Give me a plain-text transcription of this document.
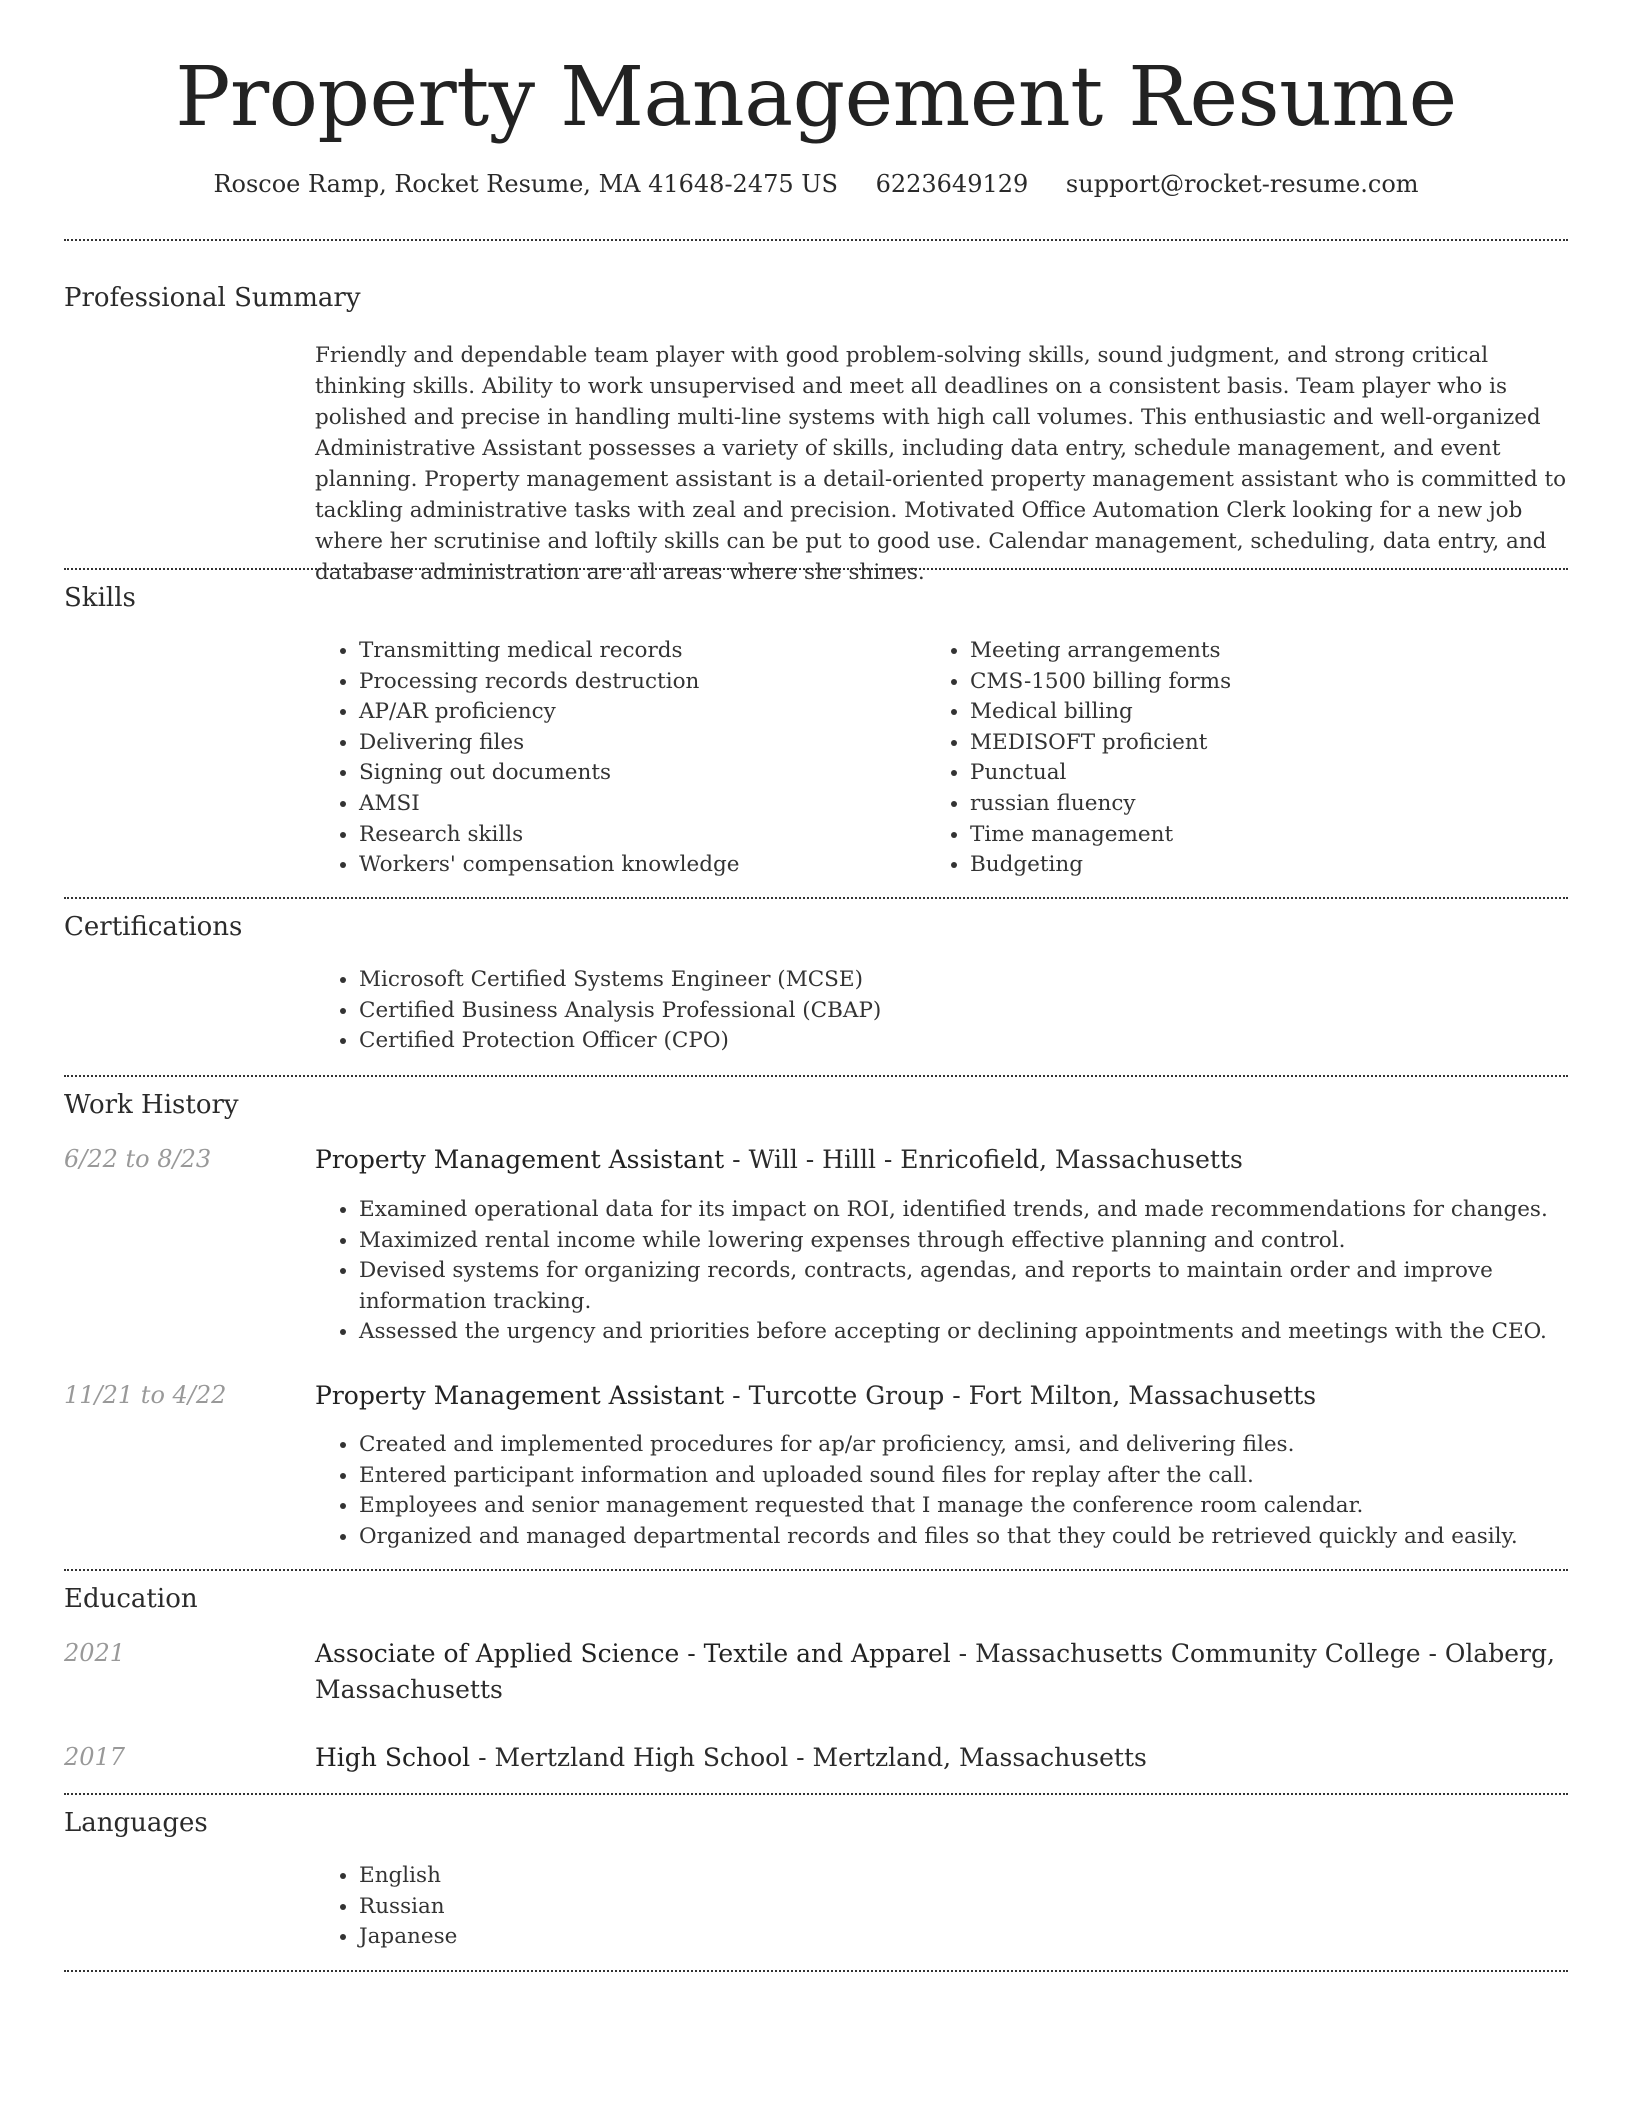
Property Management Resume
Roscoe Ramp, Rocket Resume, MA 41648-2475 US 6223649129 support@rocket-resume.com
Professional Summary
Friendly and dependable team player with good problem-solving skills, sound judgment, and strong critical thinking skills. Ability to work unsupervised and meet all deadlines on a consistent basis. Team player who is polished and precise in handling multi-line systems with high call volumes. This enthusiastic and well-organized Administrative Assistant possesses a variety of skills, including data entry, schedule management, and event planning. Property management assistant is a detail-oriented property management assistant who is committed to tackling administrative tasks with zeal and precision. Motivated Office Automation Clerk looking for a new job where her scrutinise and loftily skills can be put to good use. Calendar management, scheduling, data entry, and database administration are all areas where she shines.
Skills
• Transmitting medical records
• Processing records destruction
• AP/AR proficiency
• Delivering files
• Signing out documents
• AMSI
• Research skills
• Workers' compensation knowledge
• Meeting arrangements
• CMS-1500 billing forms
• Medical billing
• MEDISOFT proficient
• Punctual
• russian fluency
• Time management
• Budgeting
Certifications
• Microsoft Certified Systems Engineer (MCSE)
• Certified Business Analysis Professional (CBAP)
• Certified Protection Officer (CPO)
Work History
6/22 to 8/23	Property Management Assistant - Will - Hilll - Enricofield, Massachusetts
• Examined operational data for its impact on ROI, identified trends, and made recommendations for changes.
• Maximized rental income while lowering expenses through effective planning and control.
• Devised systems for organizing records, contracts, agendas, and reports to maintain order and improve information tracking.
• Assessed the urgency and priorities before accepting or declining appointments and meetings with the CEO.
11/21 to 4/22	Property Management Assistant - Turcotte Group - Fort Milton, Massachusetts
• Created and implemented procedures for ap/ar proficiency, amsi, and delivering files.
• Entered participant information and uploaded sound files for replay after the call.
• Employees and senior management requested that I manage the conference room calendar.
• Organized and managed departmental records and files so that they could be retrieved quickly and easily.
Education
2021	Associate of Applied Science - Textile and Apparel - Massachusetts Community College - Olaberg, Massachusetts
2017	High School - Mertzland High School - Mertzland, Massachusetts
Languages
• English
• Russian
• Japanese
